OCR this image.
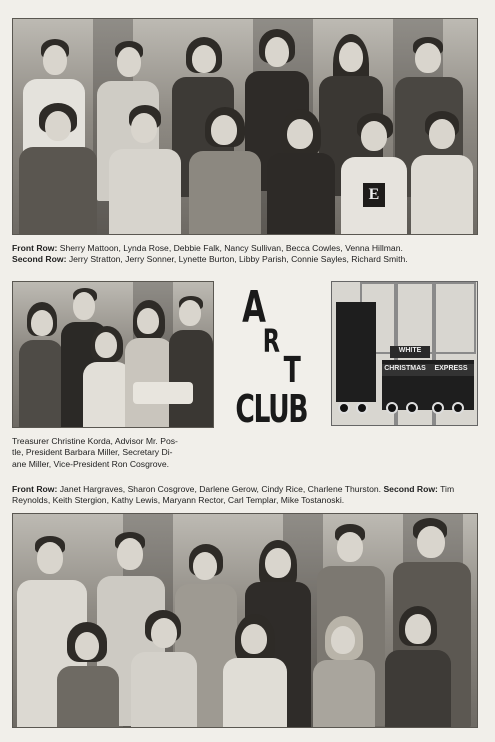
E
Front Row: Sherry Mattoon, Lynda Rose, Debbie Falk, Nancy Sullivan, Becca Cowles, Venna Hillman.
Second Row: Jerry Stratton, Jerry Sonner, Lynette Burton, Libby Parish, Connie Sayles, Richard Smith.
A
R
T
CLUB
WHITE
CHRISTMAS	EXPRESS
Treasurer Christine Korda, Advisor Mr. Pos-
tle, President Barbara Miller, Secretary Di-
ane Miller, Vice-President Ron Cosgrove.
Front Row: Janet Hargraves, Sharon Cosgrove, Darlene Gerow, Cindy Rice, Charlene Thurston. Second Row: Tim Reynolds, Keith Stergion, Kathy Lewis, Maryann Rector, Carl Templar, Mike Tostanoski.
